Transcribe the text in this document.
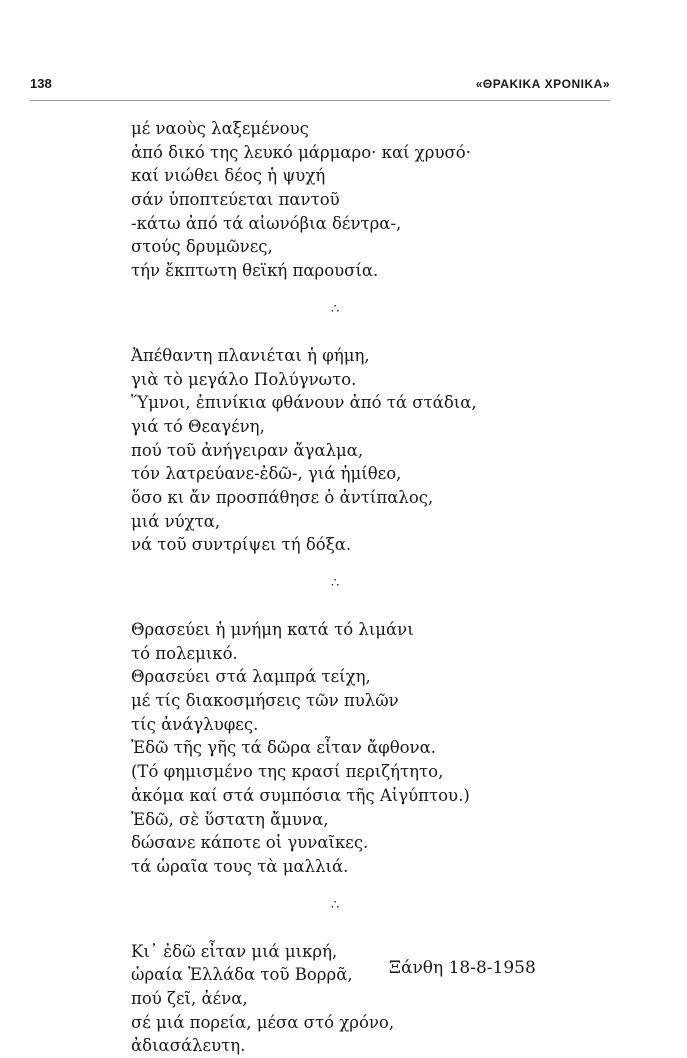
138	«ΘΡΑΚΙΚΑ ΧΡΟΝΙΚΑ»
μέ ναοὺς λαξεμένους
ἀπό δικό της λευκό μάρμαρο· καί χρυσό·
καί νιώθει δέος ἡ ψυχή
σάν ὑποπτεύεται παντοῦ
-κάτω ἀπό τά αἰωνόβια δέντρα-,
στούς δρυμῶνες,
τήν ἔκπτωτη θεϊκή παρουσία.
∴
Ἀπέθαντη πλανιέται ἡ φήμη,
γιὰ τὸ μεγάλο Πολύγνωτο.
Ὕμνοι, ἐπινίκια φθάνουν ἀπό τά στάδια,
γιά τό Θεαγένη,
πού τοῦ ἀνήγειραν ἄγαλμα,
τόν λατρεύανε-ἐδῶ-, γιά ἡμίθεο,
ὅσο κι ἄν προσπάθησε ὁ ἀντίπαλος,
μιά νύχτα,
νά τοῦ συντρίψει τή δόξα.
∴
Θρασεύει ἡ μνήμη κατά τό λιμάνι
τό πολεμικό.
Θρασεύει στά λαμπρά τείχη,
μέ τίς διακοσμήσεις τῶν πυλῶν
τίς ἀνάγλυφες.
Ἐδῶ τῆς γῆς τά δῶρα εἶταν ἄφθονα.
(Τό φημισμένο της κρασί περιζήτητο,
ἀκόμα καί στά συμπόσια τῆς Αἰγύπτου.)
Ἐδῶ, σὲ ὕστατη ἄμυνα,
δώσανε κάποτε οἱ γυναῖκες.
τά ὡραῖα τους τὰ μαλλιά.
∴
Κι᾽ ἐδῶ εἶταν μιά μικρή,
ὡραία Ἑλλάδα τοῦ Βορρᾶ,
πού ζεῖ, ἀένα,
σέ μιά πορεία, μέσα στό χρόνο,
ἀδιασάλευτη.
Ξάνθη 18-8-1958
